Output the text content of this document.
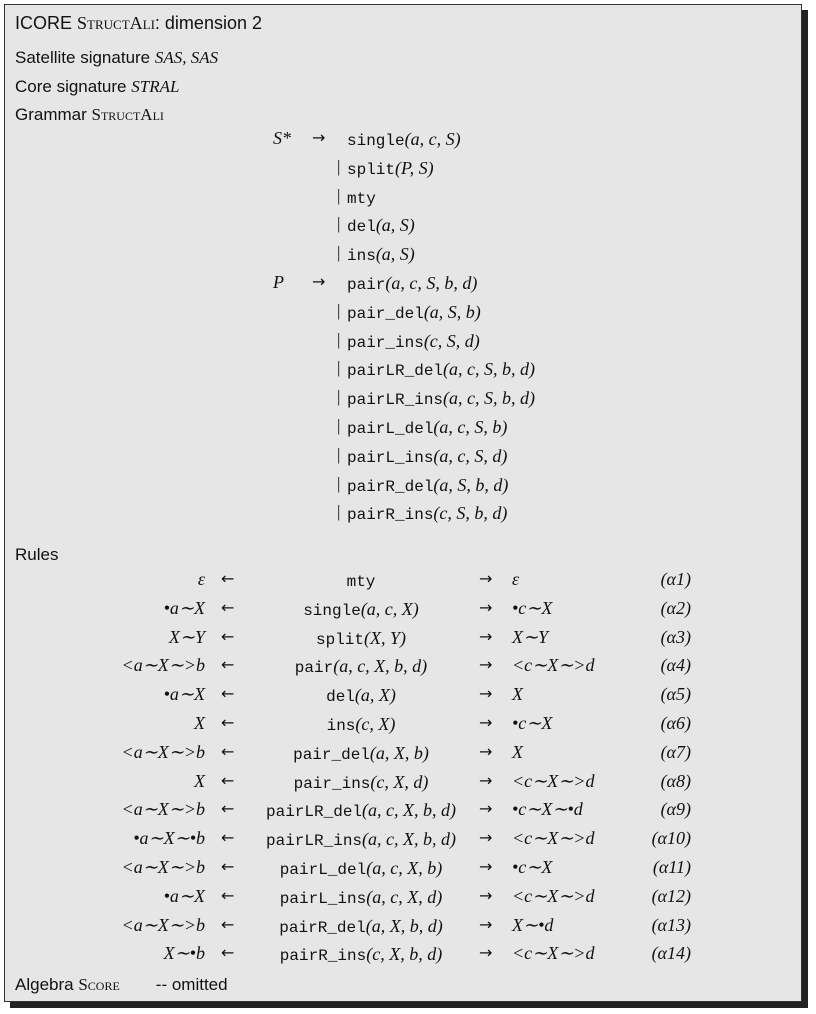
ICORE StructAli: dimension 2
Satellite signature SAS, SAS
Core signature STRAL
Grammar StructAli
S* → single(a, c, S)
| split(P, S)
| mty
| del(a, S)
| ins(a, S)
P → pair(a, c, S, b, d)
| pair_del(a, S, b)
| pair_ins(c, S, d)
| pairLR_del(a, c, S, b, d)
| pairLR_ins(a, c, S, b, d)
| pairL_del(a, c, S, b)
| pairL_ins(a, c, S, d)
| pairR_del(a, S, b, d)
| pairR_ins(c, S, b, d)
Rules
ε ←	mty	→ ε	(α1)
•a∼X ←	single(a, c, X)	→ •c∼X	(α2)
X∼Y ←	split(X, Y)	→ X∼Y	(α3)
<a∼X∼>b ←	pair(a, c, X, b, d)	→ <c∼X∼>d	(α4)
•a∼X ←	del(a, X)	→ X	(α5)
X ←	ins(c, X)	→ •c∼X	(α6)
<a∼X∼>b ←	pair_del(a, X, b)	→ X	(α7)
X ←	pair_ins(c, X, d)	→ <c∼X∼>d	(α8)
<a∼X∼>b ←	pairLR_del(a, c, X, b, d)	→ •c∼X∼•d	(α9)
•a∼X∼•b ←	pairLR_ins(a, c, X, b, d)	→ <c∼X∼>d	(α10)
<a∼X∼>b ←	pairL_del(a, c, X, b)	→ •c∼X	(α11)
•a∼X ←	pairL_ins(a, c, X, d)	→ <c∼X∼>d	(α12)
<a∼X∼>b ←	pairR_del(a, X, b, d)	→ X∼•d	(α13)
X∼•b ←	pairR_ins(c, X, b, d)	→ <c∼X∼>d	(α14)
Algebra Score -- omitted
